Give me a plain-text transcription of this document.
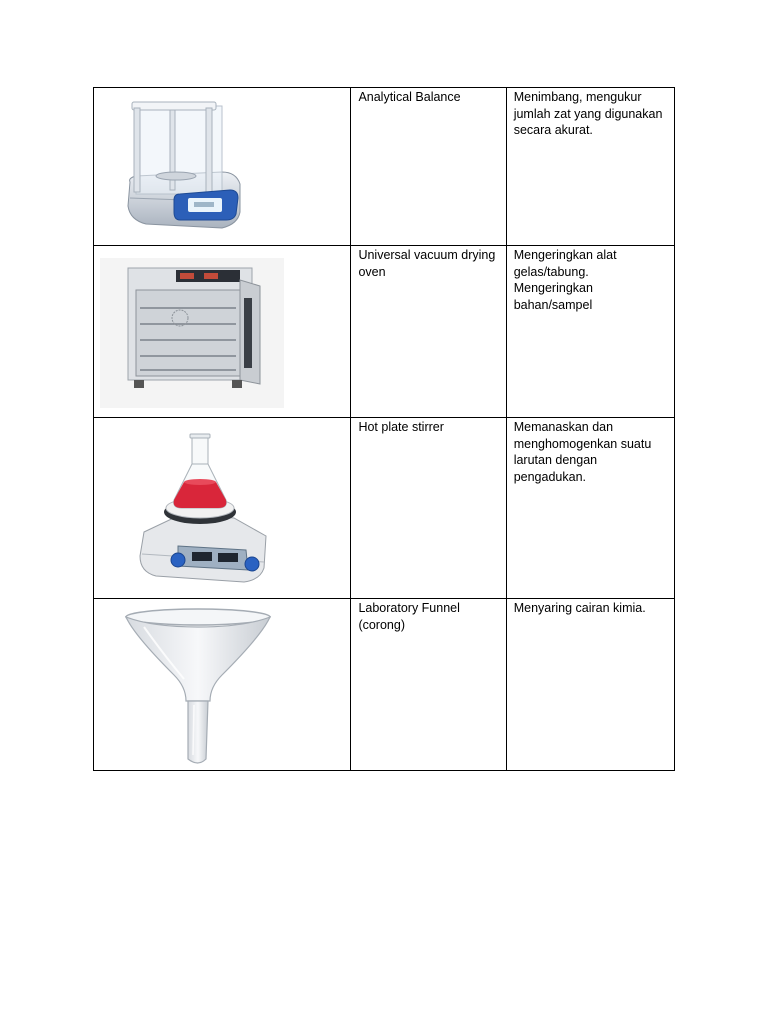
Analytical Balance	Menimbang, mengukur jumlah zat yang digunakan secara akurat.

Universal vacuum drying oven	Mengeringkan alat gelas/tabung.
Mengeringkan bahan/sampel

Hot plate stirrer	Memanaskan dan menghomogenkan suatu larutan dengan pengadukan.

Laboratory Funnel (corong)	Menyaring cairan kimia.
